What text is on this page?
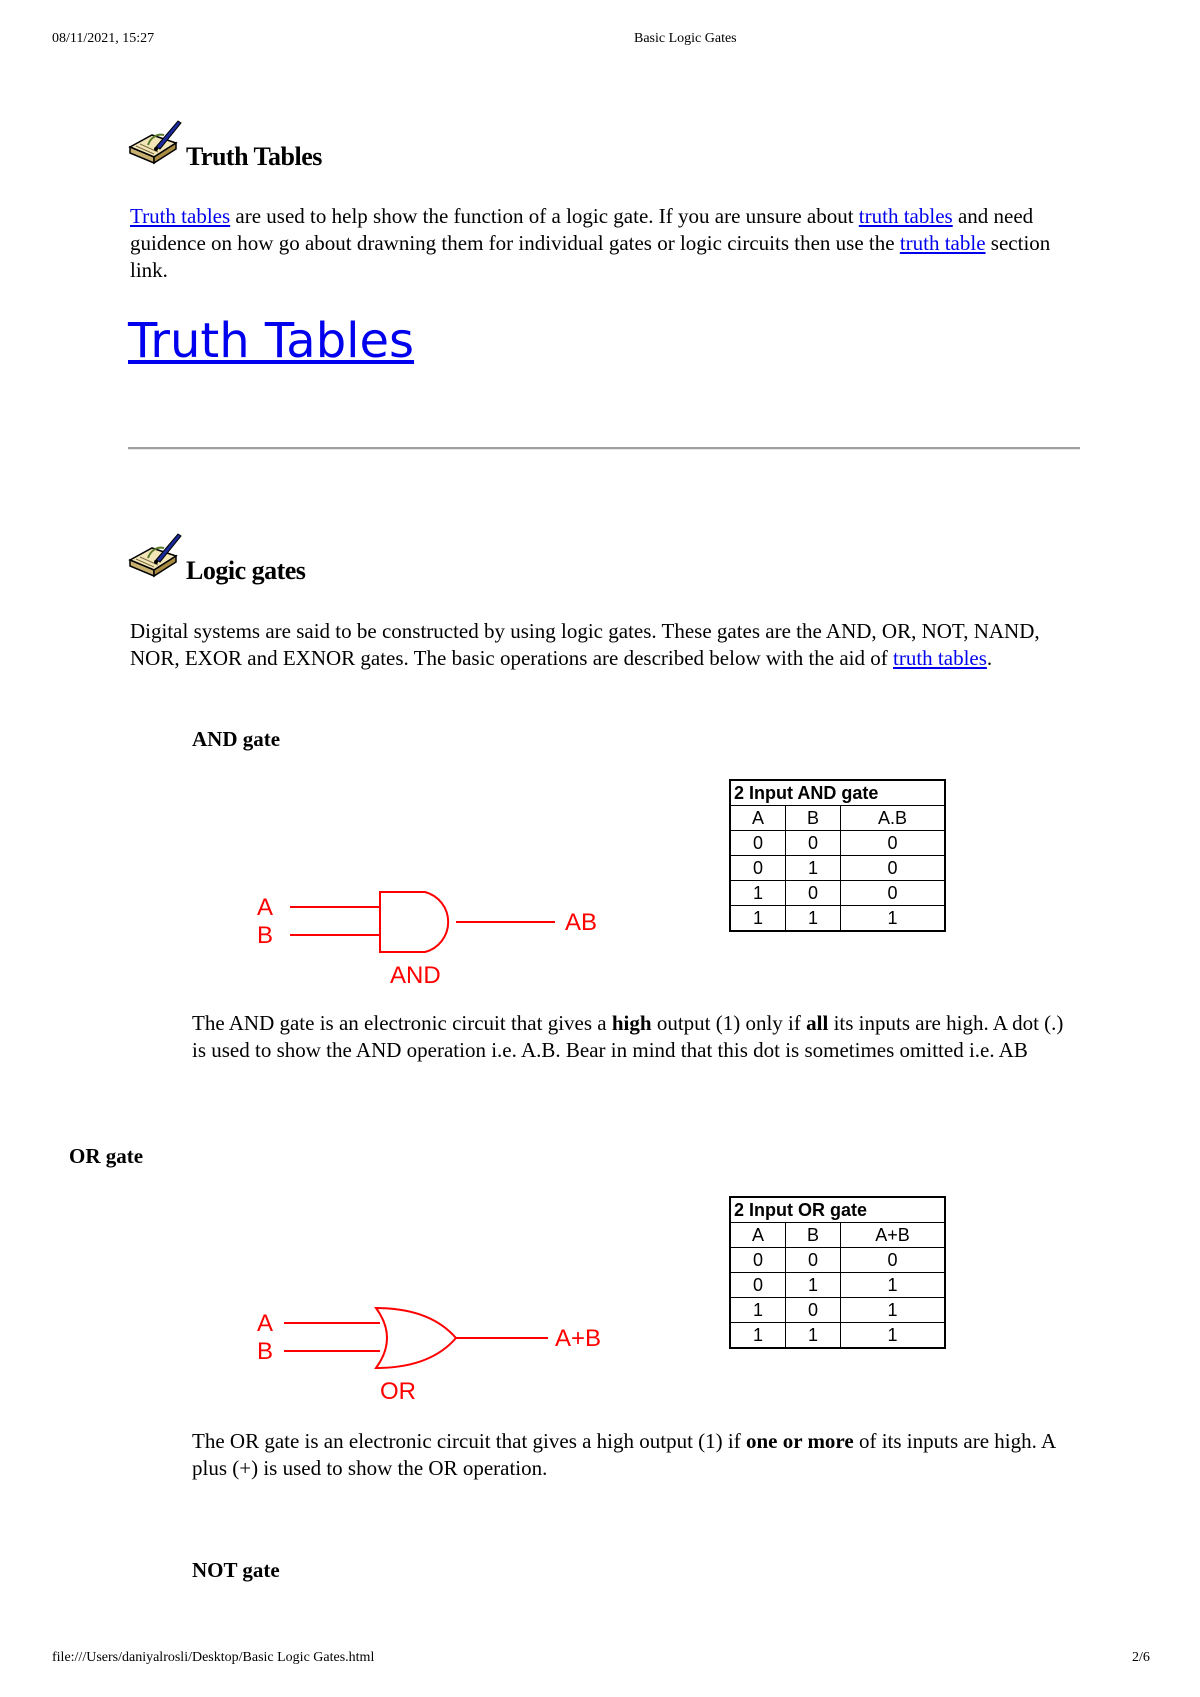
08/11/2021, 15:27	Basic Logic Gates
Truth Tables
Truth tables are used to help show the function of a logic gate. If you are unsure about truth tables and need guidence on how go about drawning them for individual gates or logic circuits then use the truth table section link.
Truth Tables
Logic gates
Digital systems are said to be constructed by using logic gates. These gates are the AND, OR, NOT, NAND, NOR, EXOR and EXNOR gates. The basic operations are described below with the aid of truth tables.
AND gate
A
B	AB
AND
2 Input AND gate		
A	B	A.B
0	0	0
0	1	0
1	0	0
1	1	1
The AND gate is an electronic circuit that gives a high output (1) only if all its inputs are high. A dot (.) is used to show the AND operation i.e. A.B. Bear in mind that this dot is sometimes omitted i.e. AB
OR gate
A
B	A+B
OR
2 Input OR gate		
A	B	A+B
0	0	0
0	1	1
1	0	1
1	1	1
The OR gate is an electronic circuit that gives a high output (1) if one or more of its inputs are high. A plus (+) is used to show the OR operation.
NOT gate
file:///Users/daniyalrosli/Desktop/Basic Logic Gates.html	2/6
